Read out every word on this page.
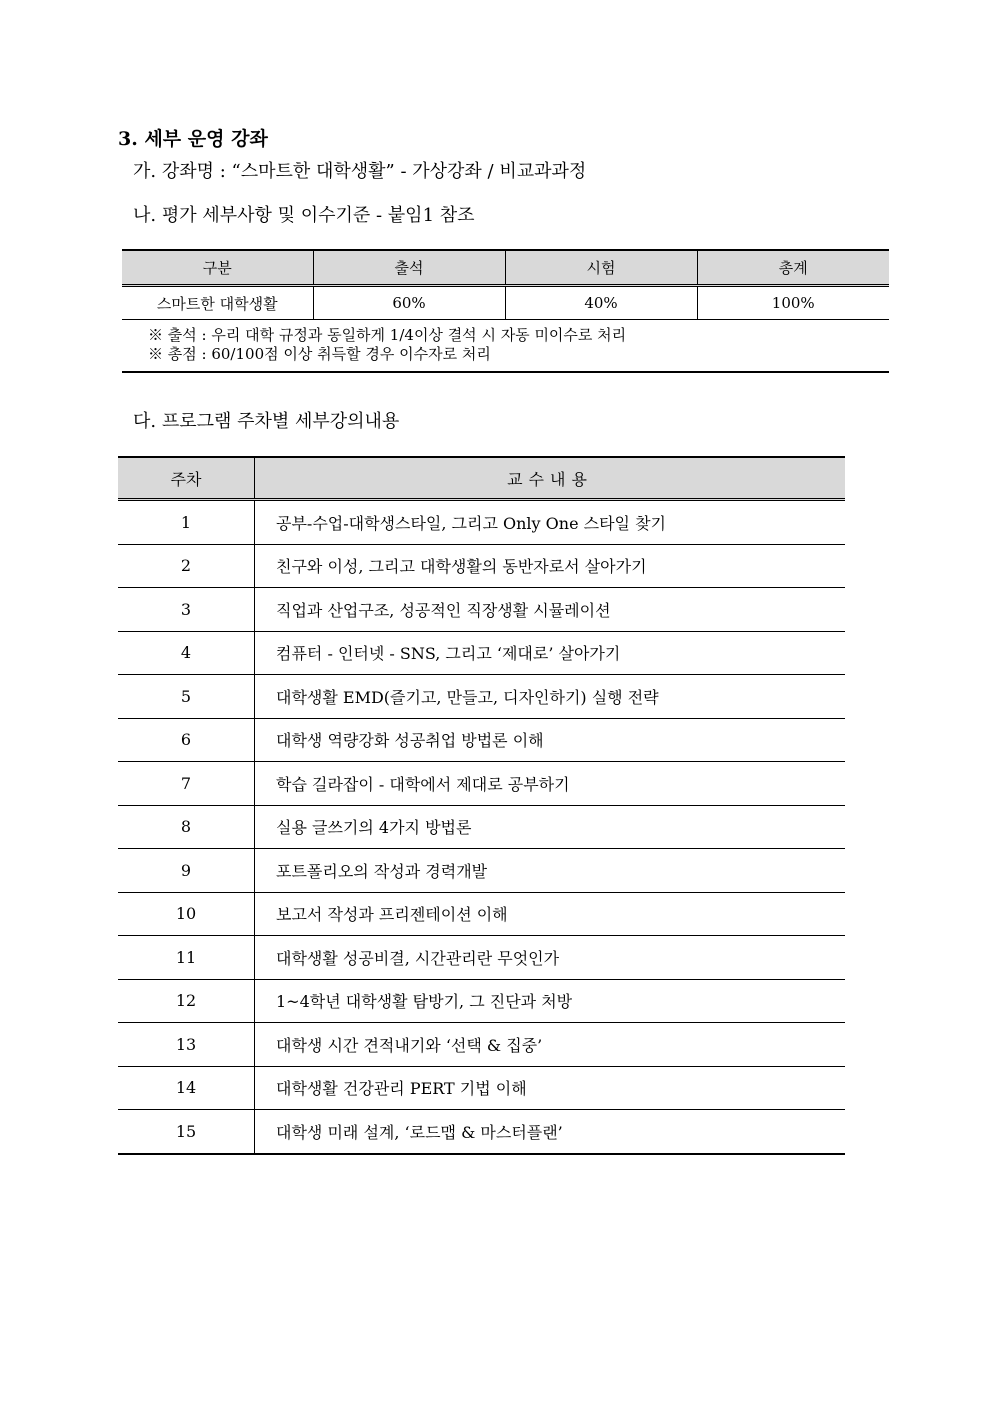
3. 세부 운영 강좌
가. 강좌명 : “스마트한 대학생활” - 가상강좌 / 비교과과정
나. 평가 세부사항 및 이수기준 - 붙임1 참조
구분	출석	시험	총계
스마트한 대학생활	60%	40%	100%
※ 출석 : 우리 대학 규정과 동일하게 1/4이상 결석 시 자동 미이수로 처리
※ 총점 : 60/100점 이상 취득할 경우 이수자로 처리
다. 프로그램 주차별 세부강의내용
주차	교수내용
1	공부-수업-대학생스타일, 그리고 Only One 스타일 찾기
2	친구와 이성, 그리고 대학생활의 동반자로서 살아가기
3	직업과 산업구조, 성공적인 직장생활 시뮬레이션
4	컴퓨터 - 인터넷 - SNS, 그리고 ‘제대로’ 살아가기
5	대학생활 EMD(즐기고, 만들고, 디자인하기) 실행 전략
6	대학생 역량강화 성공취업 방법론 이해
7	학습 길라잡이 - 대학에서 제대로 공부하기
8	실용 글쓰기의 4가지 방법론
9	포트폴리오의 작성과 경력개발
10	보고서 작성과 프리젠테이션 이해
11	대학생활 성공비결, 시간관리란 무엇인가
12	1~4학년 대학생활 탐방기, 그 진단과 처방
13	대학생 시간 견적내기와 ‘선택 & 집중’
14	대학생활 건강관리 PERT 기법 이해
15	대학생 미래 설계, ‘로드맵 & 마스터플랜’
